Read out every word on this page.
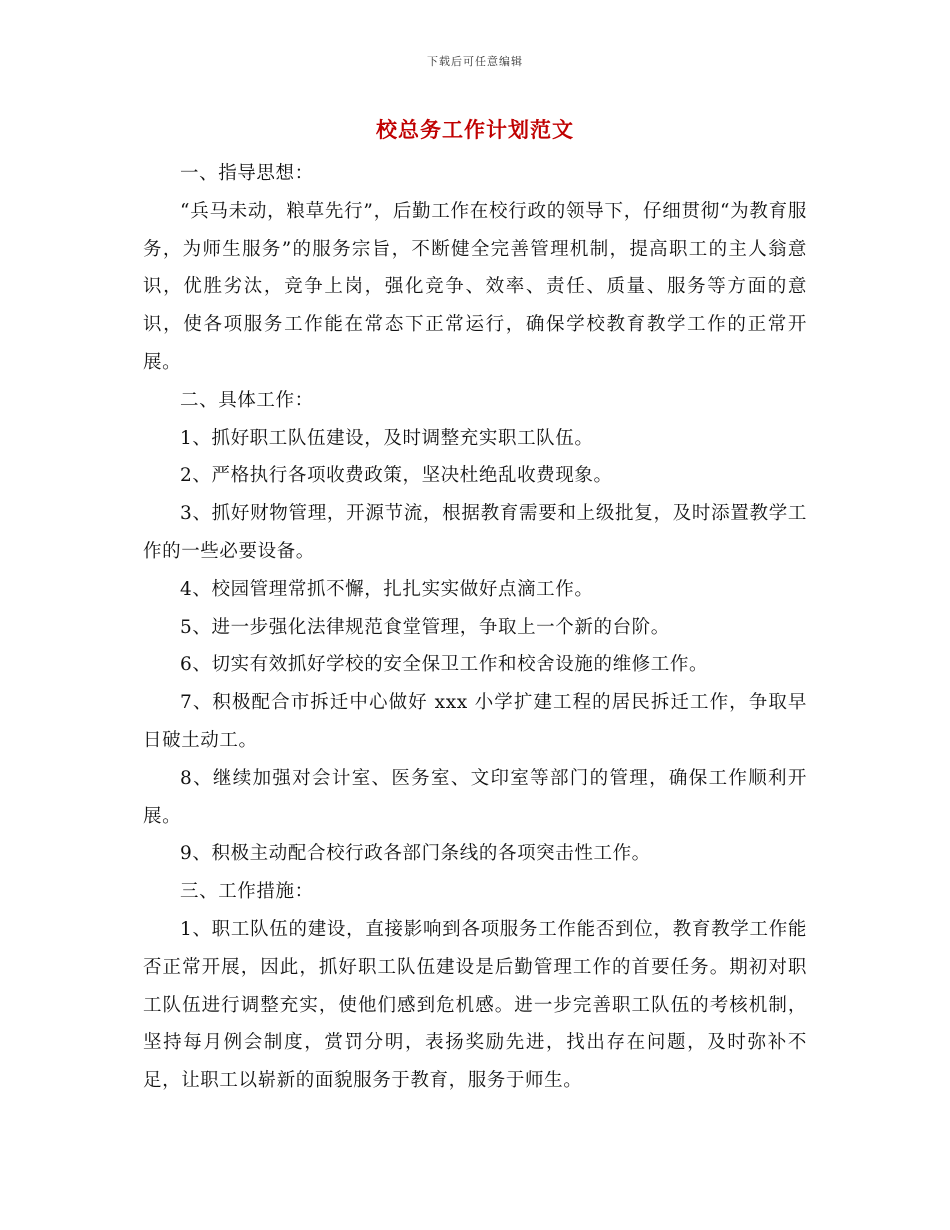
下载后可任意编辑
校总务工作计划范文

一、指导思想：

“兵马未动，粮草先行”，后勤工作在校行政的领导下，仔细贯彻“为教育服务，为师生服务”的服务宗旨，不断健全完善管理机制，提高职工的主人翁意识，优胜劣汰，竞争上岗，强化竞争、效率、责任、质量、服务等方面的意识，使各项服务工作能在常态下正常运行，确保学校教育教学工作的正常开展。

二、具体工作：

1、抓好职工队伍建设，及时调整充实职工队伍。

2、严格执行各项收费政策，坚决杜绝乱收费现象。

3、抓好财物管理，开源节流，根据教育需要和上级批复，及时添置教学工作的一些必要设备。

4、校园管理常抓不懈，扎扎实实做好点滴工作。

5、进一步强化法律规范食堂管理，争取上一个新的台阶。

6、切实有效抓好学校的安全保卫工作和校舍设施的维修工作。

7、积极配合市拆迁中心做好 xxx 小学扩建工程的居民拆迁工作，争取早日破土动工。

8、继续加强对会计室、医务室、文印室等部门的管理，确保工作顺利开展。

9、积极主动配合校行政各部门条线的各项突击性工作。

三、工作措施：

1、职工队伍的建设，直接影响到各项服务工作能否到位，教育教学工作能否正常开展，因此，抓好职工队伍建设是后勤管理工作的首要任务。期初对职工队伍进行调整充实，使他们感到危机感。进一步完善职工队伍的考核机制，坚持每月例会制度，赏罚分明，表扬奖励先进，找出存在问题，及时弥补不足，让职工以崭新的面貌服务于教育，服务于师生。
